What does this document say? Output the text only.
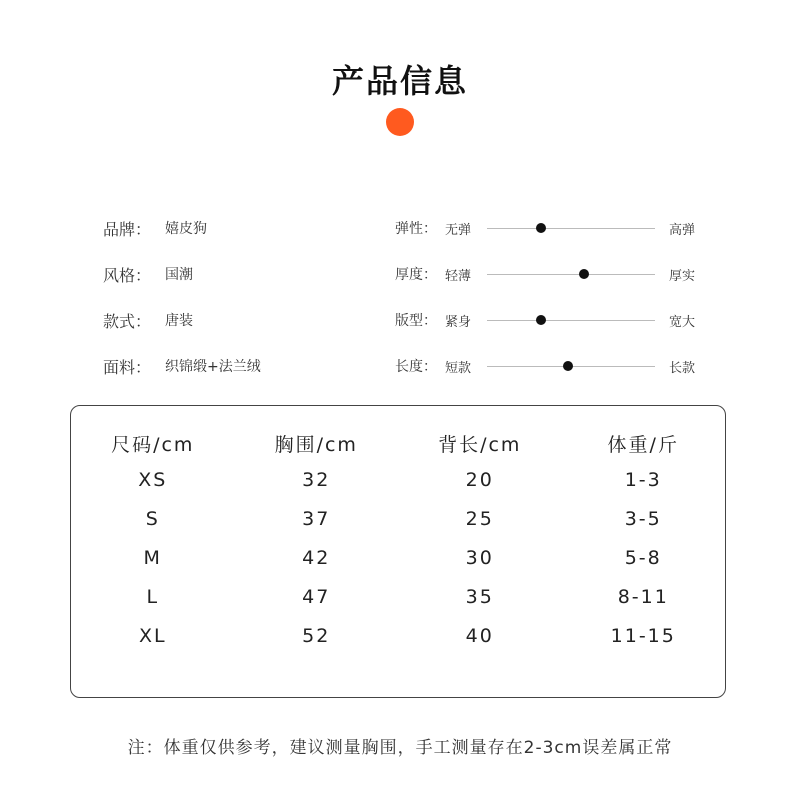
产品信息
品牌： 嬉皮狗
风格： 国潮
款式： 唐装
面料： 织锦缎+法兰绒
弹性： 无弹	高弹
厚度： 轻薄	厚实
版型： 紧身	宽大
长度： 短款	长款
尺码/cm	胸围/cm	背长/cm	体重/斤
XS	32	20	1-3
S	37	25	3-5
M	42	30	5-8
L	47	35	8-11
XL	52	40	11-15
注：体重仅供参考，建议测量胸围，手工测量存在2-3cm误差属正常
